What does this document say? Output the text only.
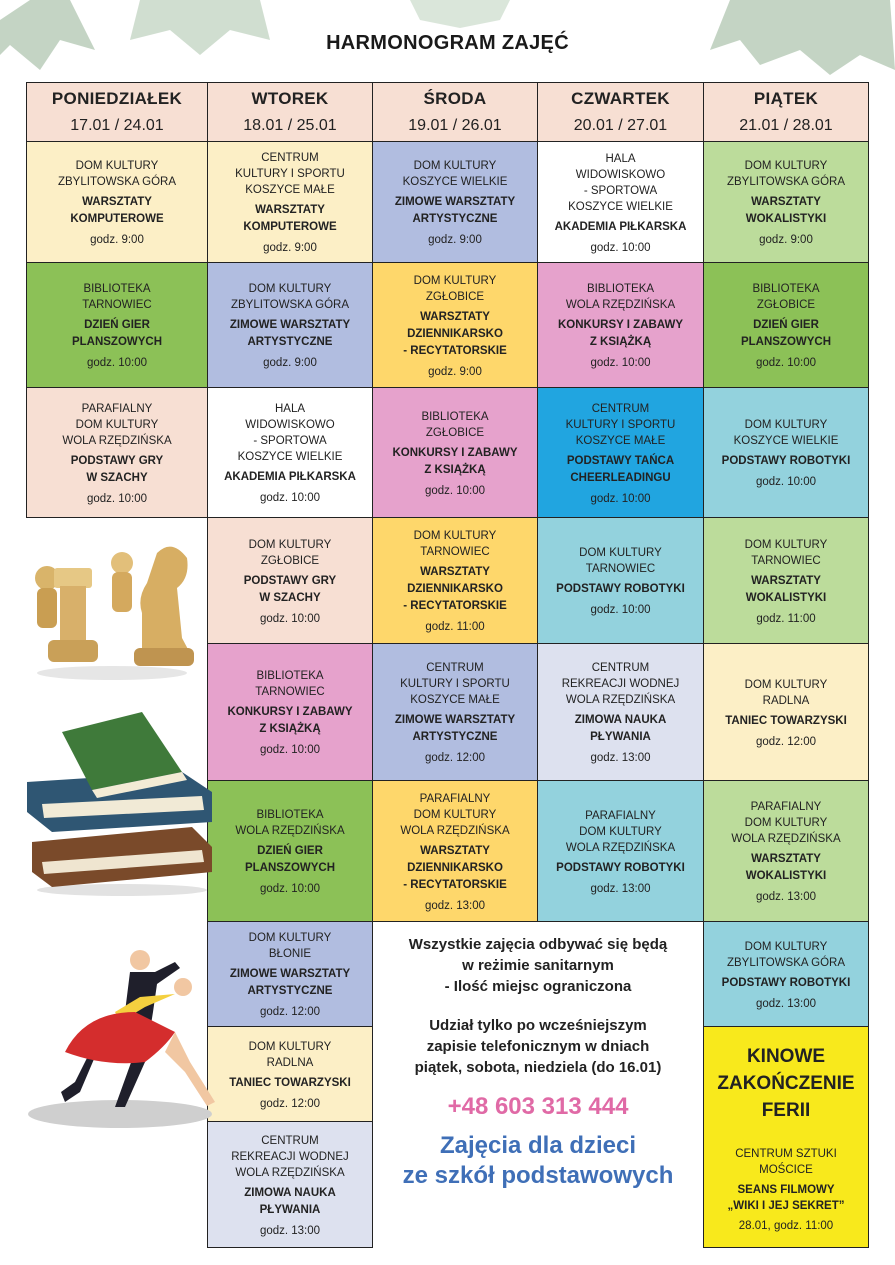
HARMONOGRAM ZAJĘĆ
PONIEDZIAŁEK
17.01 / 24.01
WTOREK
18.01 / 25.01
ŚRODA
19.01 / 26.01
CZWARTEK
20.01 / 27.01
PIĄTEK
21.01 / 28.01
DOM KULTURY
ZBYLITOWSKA GÓRA
WARSZTATY
KOMPUTEROWE
godz. 9:00
CENTRUM
KULTURY I SPORTU
KOSZYCE MAŁE
WARSZTATY
KOMPUTEROWE
godz. 9:00
DOM KULTURY
KOSZYCE WIELKIE
ZIMOWE WARSZTATY
ARTYSTYCZNE
godz. 9:00
HALA
WIDOWISKOWO
- SPORTOWA
KOSZYCE WIELKIE
AKADEMIA PIŁKARSKA
godz. 10:00
DOM KULTURY
ZBYLITOWSKA GÓRA
WARSZTATY
WOKALISTYKI
godz. 9:00
BIBLIOTEKA
TARNOWIEC
DZIEŃ GIER
PLANSZOWYCH
godz. 10:00
DOM KULTURY
ZBYLITOWSKA GÓRA
ZIMOWE WARSZTATY
ARTYSTYCZNE
godz. 9:00
DOM KULTURY
ZGŁOBICE
WARSZTATY
DZIENNIKARSKO
- RECYTATORSKIE
godz. 9:00
BIBLIOTEKA
WOLA RZĘDZIŃSKA
KONKURSY I ZABAWY
Z KSIĄŻKĄ
godz. 10:00
BIBLIOTEKA
ZGŁOBICE
DZIEŃ GIER
PLANSZOWYCH
godz. 10:00
PARAFIALNY
DOM KULTURY
WOLA RZĘDZIŃSKA
PODSTAWY GRY
W SZACHY
godz. 10:00
HALA
WIDOWISKOWO
- SPORTOWA
KOSZYCE WIELKIE
AKADEMIA PIŁKARSKA
godz. 10:00
BIBLIOTEKA
ZGŁOBICE
KONKURSY I ZABAWY
Z KSIĄŻKĄ
godz. 10:00
CENTRUM
KULTURY I SPORTU
KOSZYCE MAŁE
PODSTAWY TAŃCA
CHEERLEADINGU
godz. 10:00
DOM KULTURY
KOSZYCE WIELKIE
PODSTAWY ROBOTYKI
godz. 10:00
DOM KULTURY
ZGŁOBICE
PODSTAWY GRY
W SZACHY
godz. 10:00
DOM KULTURY
TARNOWIEC
WARSZTATY
DZIENNIKARSKO
- RECYTATORSKIE
godz. 11:00
DOM KULTURY
TARNOWIEC
PODSTAWY ROBOTYKI
godz. 10:00
DOM KULTURY
TARNOWIEC
WARSZTATY
WOKALISTYKI
godz. 11:00
BIBLIOTEKA
TARNOWIEC
KONKURSY I ZABAWY
Z KSIĄŻKĄ
godz. 10:00
CENTRUM
KULTURY I SPORTU
KOSZYCE MAŁE
ZIMOWE WARSZTATY
ARTYSTYCZNE
godz. 12:00
CENTRUM
REKREACJI WODNEJ
WOLA RZĘDZIŃSKA
ZIMOWA NAUKA
PŁYWANIA
godz. 13:00
DOM KULTURY
RADLNA
TANIEC TOWARZYSKI
godz. 12:00
BIBLIOTEKA
WOLA RZĘDZIŃSKA
DZIEŃ GIER
PLANSZOWYCH
godz. 10:00
PARAFIALNY
DOM KULTURY
WOLA RZĘDZIŃSKA
WARSZTATY
DZIENNIKARSKO
- RECYTATORSKIE
godz. 13:00
PARAFIALNY
DOM KULTURY
WOLA RZĘDZIŃSKA
PODSTAWY ROBOTYKI
godz. 13:00
PARAFIALNY
DOM KULTURY
WOLA RZĘDZIŃSKA
WARSZTATY
WOKALISTYKI
godz. 13:00
DOM KULTURY
BŁONIE
ZIMOWE WARSZTATY
ARTYSTYCZNE
godz. 12:00
DOM KULTURY
ZBYLITOWSKA GÓRA
PODSTAWY ROBOTYKI
godz. 13:00
DOM KULTURY
RADLNA
TANIEC TOWARZYSKI
godz. 12:00
CENTRUM
REKREACJI WODNEJ
WOLA RZĘDZIŃSKA
ZIMOWA NAUKA
PŁYWANIA
godz. 13:00
KINOWE
ZAKOŃCZENIE
FERII
CENTRUM SZTUKI
MOŚCICE
SEANS FILMOWY
„WIKI I JEJ SEKRET”
28.01, godz. 11:00

Wszystkie zajęcia odbywać się będą

w reżimie sanitarnym

- Ilość miejsc ograniczona

Udział tylko po wcześniejszym

zapisie telefonicznym w dniach

piątek, sobota, niedziela (do 16.01)

+48 603 313 444

Zajęcia dla dzieci

ze szkół podstawowych
